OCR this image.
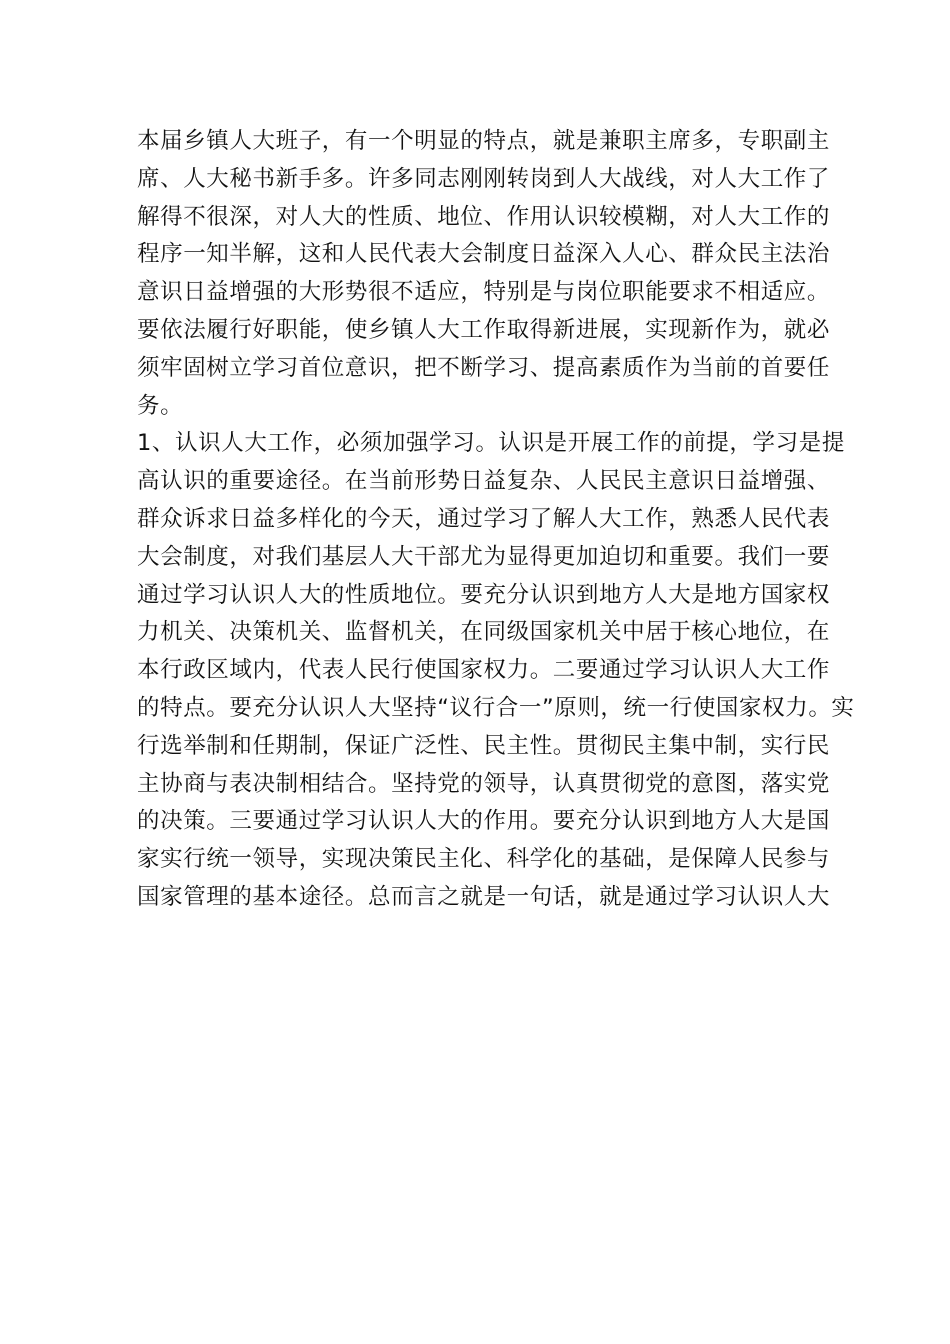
本届乡镇人大班子，有一个明显的特点，就是兼职主席多，专职副主
席、人大秘书新手多。许多同志刚刚转岗到人大战线，对人大工作了
解得不很深，对人大的性质、地位、作用认识较模糊，对人大工作的
程序一知半解，这和人民代表大会制度日益深入人心、群众民主法治
意识日益增强的大形势很不适应，特别是与岗位职能要求不相适应。
要依法履行好职能，使乡镇人大工作取得新进展，实现新作为，就必
须牢固树立学习首位意识，把不断学习、提高素质作为当前的首要任
务。
1、认识人大工作，必须加强学习。认识是开展工作的前提，学习是提
高认识的重要途径。在当前形势日益复杂、人民民主意识日益增强、
群众诉求日益多样化的今天，通过学习了解人大工作，熟悉人民代表
大会制度，对我们基层人大干部尤为显得更加迫切和重要。我们一要
通过学习认识人大的性质地位。要充分认识到地方人大是地方国家权
力机关、决策机关、监督机关，在同级国家机关中居于核心地位，在
本行政区域内，代表人民行使国家权力。二要通过学习认识人大工作
的特点。要充分认识人大坚持“议行合一”原则，统一行使国家权力。实
行选举制和任期制，保证广泛性、民主性。贯彻民主集中制，实行民
主协商与表决制相结合。坚持党的领导，认真贯彻党的意图，落实党
的决策。三要通过学习认识人大的作用。要充分认识到地方人大是国
家实行统一领导，实现决策民主化、科学化的基础，是保障人民参与
国家管理的基本途径。总而言之就是一句话，就是通过学习认识人大
